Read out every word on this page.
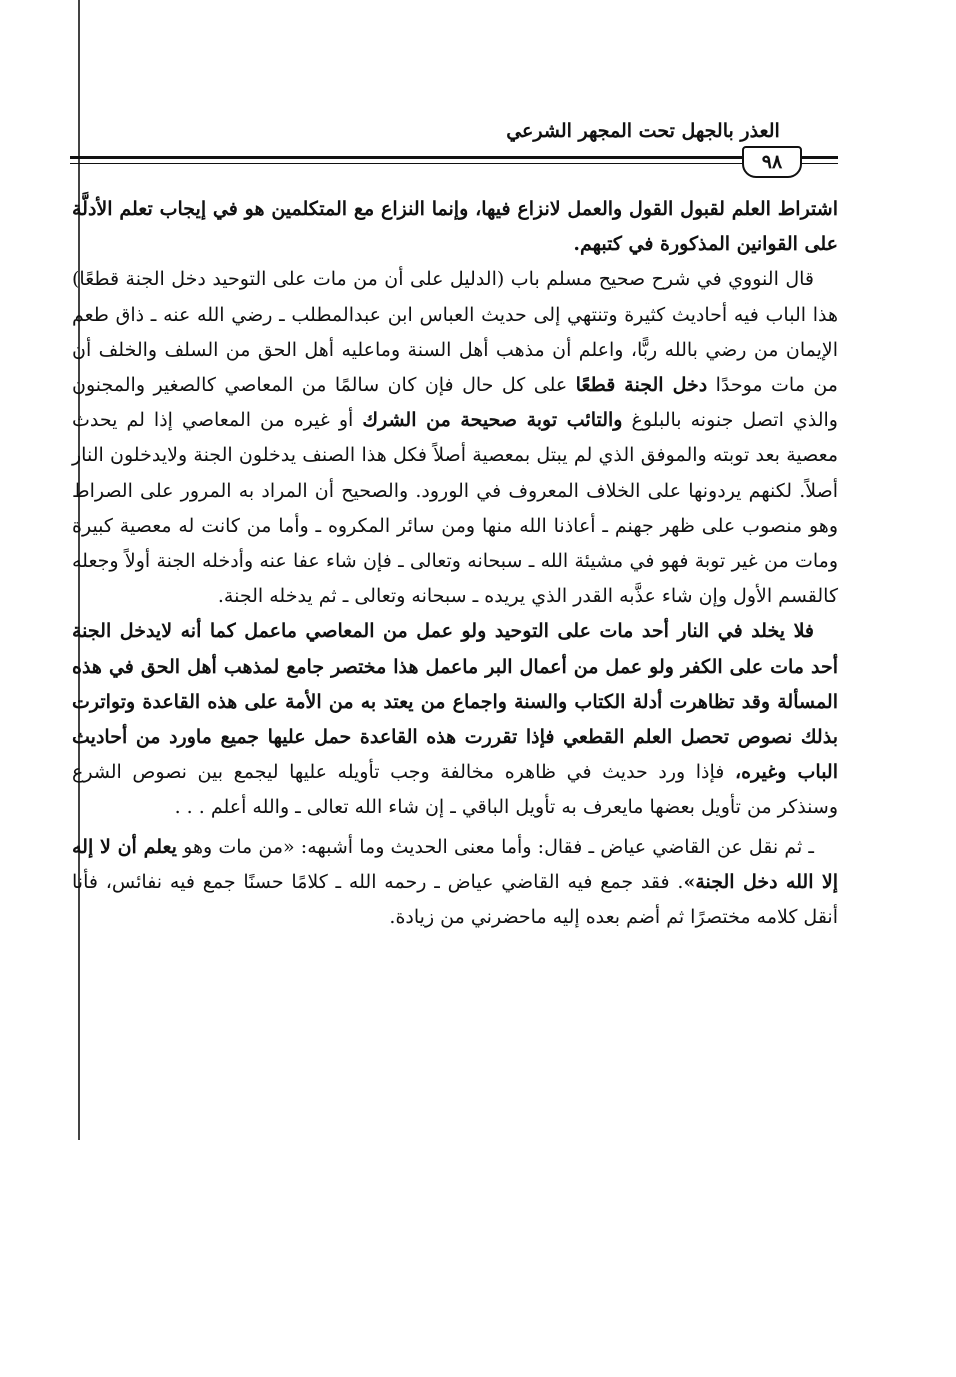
العذر بالجهل تحت المجهر الشرعي
٩٨

اشتراط العلم لقبول القول والعمل لانزاع فيها، وإنما النزاع مع المتكلمين هو في إيجاب تعلم الأدلَّة على القوانين المذكورة في كتبهم.

قال النووي في شرح صحيح مسلم باب (الدليل على أن من مات على التوحيد دخل الجنة قطعًا) هذا الباب فيه أحاديث كثيرة وتنتهي إلى حديث العباس ابن عبدالمطلب ـ رضي الله عنه ـ ذاق طعم الإيمان من رضي بالله ربًّا، واعلم أن مذهب أهل السنة وماعليه أهل الحق من السلف والخلف أن من مات موحدًا دخل الجنة قطعًا على كل حال فإن كان سالمًا من المعاصي كالصغير والمجنون والذي اتصل جنونه بالبلوغ والتائب توبة صحيحة من الشرك أو غيره من المعاصي إذا لم يحدث معصية بعد توبته والموفق الذي لم يبتل بمعصية أصلاً فكل هذا الصنف يدخلون الجنة ولايدخلون النار أصلاً. لكنهم يردونها على الخلاف المعروف في الورود. والصحيح أن المراد به المرور على الصراط وهو منصوب على ظهر جهنم ـ أعاذنا الله منها ومن سائر المكروه ـ وأما من كانت له معصية كبيرة ومات من غير توبة فهو في مشيئة الله ـ سبحانه وتعالى ـ فإن شاء عفا عنه وأدخله الجنة أولاً وجعله كالقسم الأول وإن شاء عذَّبه القدر الذي يريده ـ سبحانه وتعالى ـ ثم يدخله الجنة.

فلا يخلد في النار أحد مات على التوحيد ولو عمل من المعاصي ماعمل كما أنه لايدخل الجنة أحد مات على الكفر ولو عمل من أعمال البر ماعمل هذا مختصر جامع لمذهب أهل الحق في هذه المسألة وقد تظاهرت أدلة الكتاب والسنة واجماع من يعتد به من الأمة على هذه القاعدة وتواترت بذلك نصوص تحصل العلم القطعي فإذا تقررت هذه القاعدة حمل عليها جميع ماورد من أحاديث الباب وغيره، فإذا ورد حديث في ظاهره مخالفة وجب تأويله عليها ليجمع بين نصوص الشرع وسنذكر من تأويل بعضها مايعرف به تأويل الباقي ـ إن شاء الله تعالى ـ والله أعلم . . .

ـ ثم نقل عن القاضي عياض ـ فقال: وأما معنى الحديث وما أشبهه: «من مات وهو يعلم أن لا إله إلا الله دخل الجنة». فقد جمع فيه القاضي عياض ـ رحمه الله ـ كلامًا حسنًا جمع فيه نفائس، فأنا أنقل كلامه مختصرًا ثم أضم بعده إليه ماحضرني من زيادة.
